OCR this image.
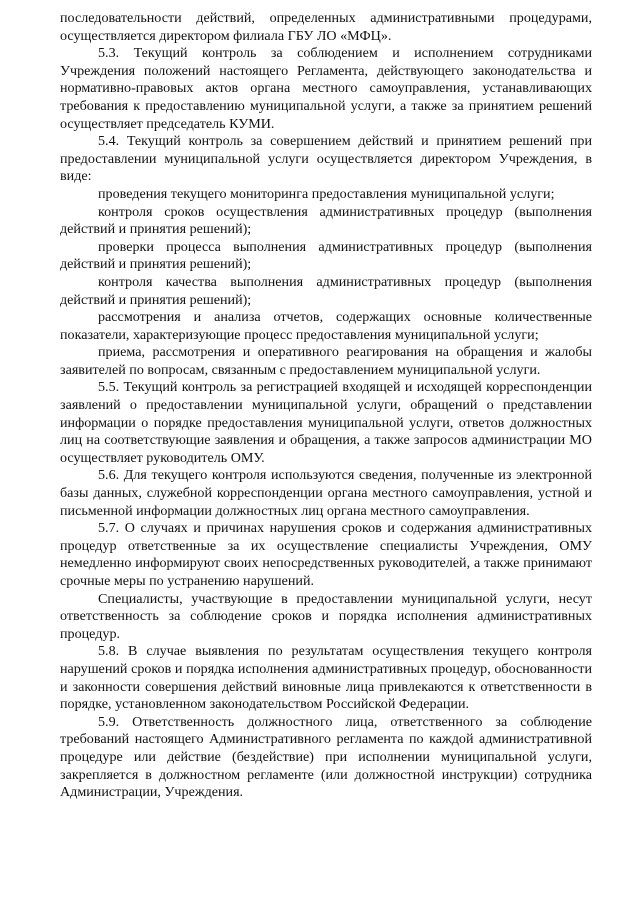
последовательности действий, определенных административными процедурами, осуществляется директором филиала ГБУ ЛО «МФЦ».

5.3. Текущий контроль за соблюдением и исполнением сотрудниками Учреждения положений настоящего Регламента, действующего законодательства и нормативно-правовых актов органа местного самоуправления, устанавливающих требования к предоставлению муниципальной услуги, а также за принятием решений осуществляет председатель КУМИ.

5.4. Текущий контроль за совершением действий и принятием решений при предоставлении муниципальной услуги осуществляется директором Учреждения, в виде:

проведения текущего мониторинга предоставления муниципальной услуги;

контроля сроков осуществления административных процедур (выполнения действий и принятия решений);

проверки процесса выполнения административных процедур (выполнения действий и принятия решений);

контроля качества выполнения административных процедур (выполнения действий и принятия решений);

рассмотрения и анализа отчетов, содержащих основные количественные показатели, характеризующие процесс предоставления муниципальной услуги;

приема, рассмотрения и оперативного реагирования на обращения и жалобы заявителей по вопросам, связанным с предоставлением муниципальной услуги.

5.5. Текущий контроль за регистрацией входящей и исходящей корреспонденции заявлений о предоставлении муниципальной услуги, обращений о представлении информации о порядке предоставления муниципальной услуги, ответов должностных лиц на соответствующие заявления и обращения, а также запросов администрации МО осуществляет руководитель ОМУ.

5.6. Для текущего контроля используются сведения, полученные из электронной базы данных, служебной корреспонденции органа местного самоуправления, устной и письменной информации должностных лиц органа местного самоуправления.

5.7. О случаях и причинах нарушения сроков и содержания административных процедур ответственные за их осуществление специалисты Учреждения, ОМУ немедленно информируют своих непосредственных руководителей, а также принимают срочные меры по устранению нарушений.

Специалисты, участвующие в предоставлении муниципальной услуги, несут ответственность за соблюдение сроков и порядка исполнения административных процедур.

5.8. В случае выявления по результатам осуществления текущего контроля нарушений сроков и порядка исполнения административных процедур, обоснованности и законности совершения действий виновные лица привлекаются к ответственности в порядке, установленном законодательством Российской Федерации.

5.9. Ответственность должностного лица, ответственного за соблюдение требований настоящего Административного регламента по каждой административной процедуре или действие (бездействие) при исполнении муниципальной услуги, закрепляется в должностном регламенте (или должностной инструкции) сотрудника Администрации, Учреждения.
